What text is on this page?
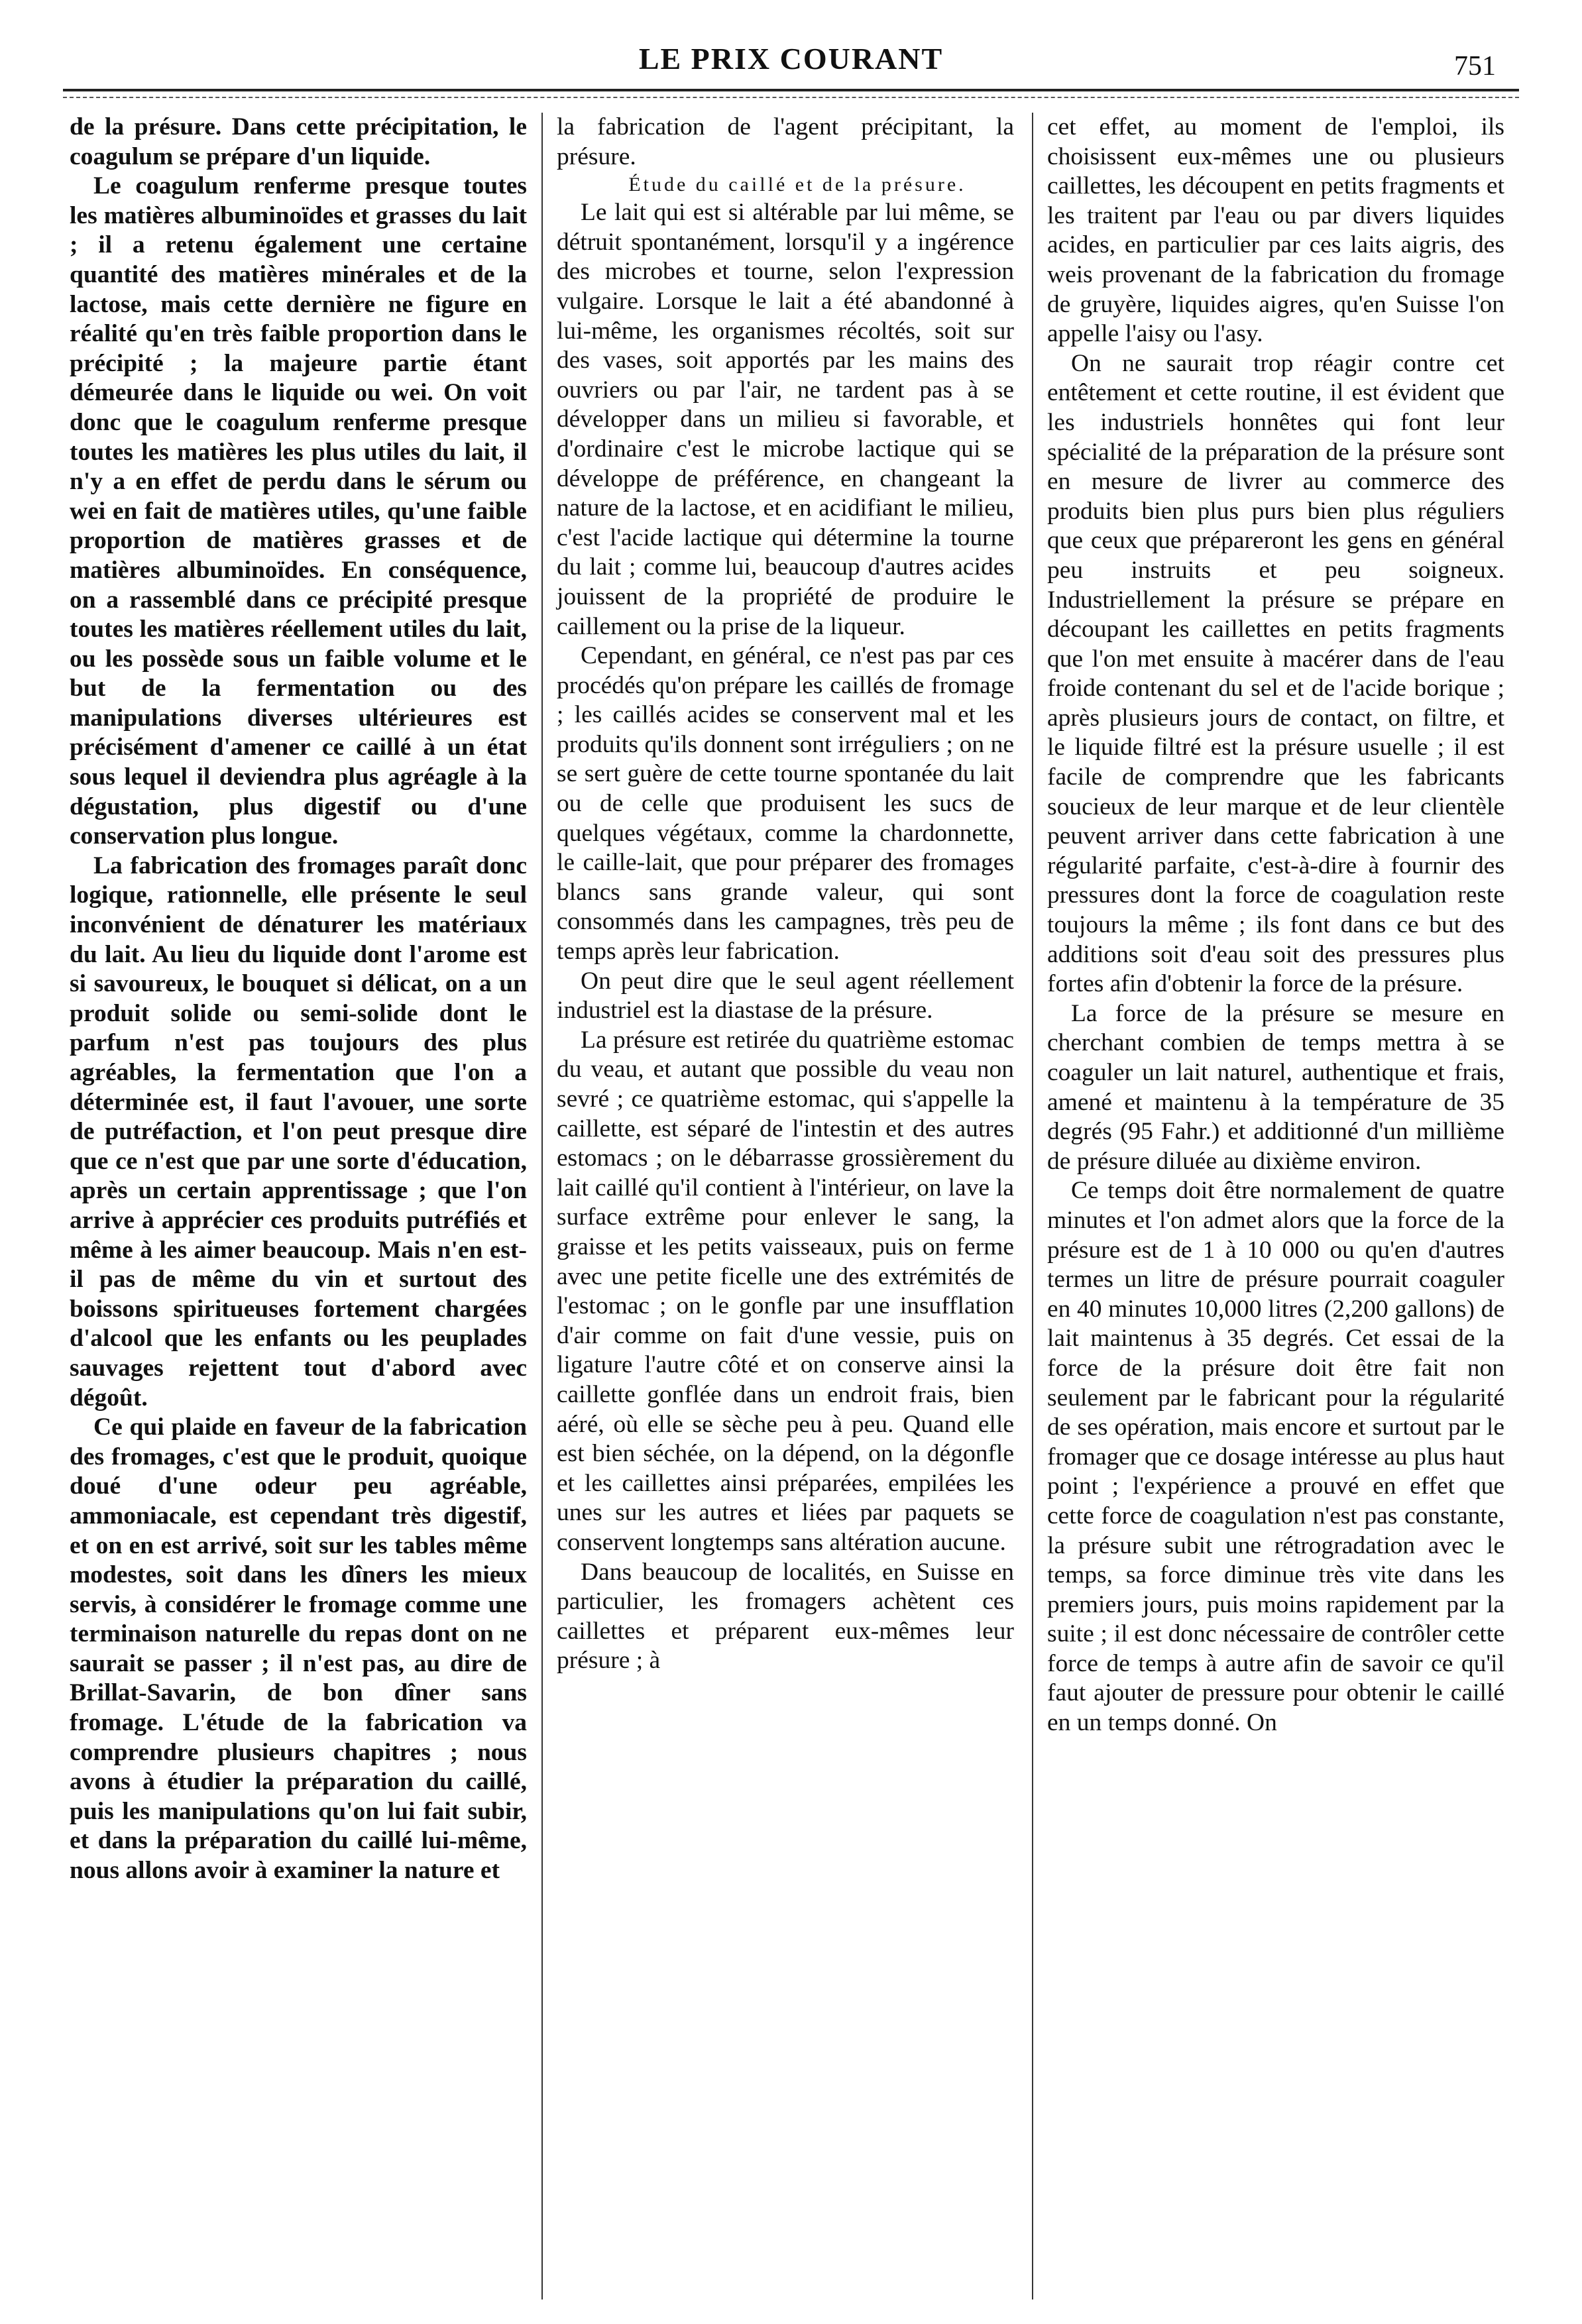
LE PRIX COURANT	751

de la présure. Dans cette précipitation, le coagulum se prépare d'un liquide.

Le coagulum renferme presque toutes les matières albuminoïdes et grasses du lait ; il a retenu également une certaine quantité des matières minérales et de la lactose, mais cette dernière ne figure en réalité qu'en très faible proportion dans le précipité ; la majeure partie étant démeurée dans le liquide ou wei. On voit donc que le coagulum renferme presque toutes les matières les plus utiles du lait, il n'y a en effet de perdu dans le sérum ou wei en fait de matières utiles, qu'une faible proportion de matières grasses et de matières albuminoïdes. En conséquence, on a rassemblé dans ce précipité presque toutes les matières réellement utiles du lait, ou les possède sous un faible volume et le but de la fermentation ou des manipulations diverses ultérieures est précisément d'amener ce caillé à un état sous lequel il deviendra plus agréagle à la dégustation, plus digestif ou d'une conservation plus longue.

La fabrication des fromages paraît donc logique, rationnelle, elle présente le seul inconvénient de dénaturer les matériaux du lait. Au lieu du liquide dont l'arome est si savoureux, le bouquet si délicat, on a un produit solide ou semi-solide dont le parfum n'est pas toujours des plus agréables, la fermentation que l'on a déterminée est, il faut l'avouer, une sorte de putréfaction, et l'on peut presque dire que ce n'est que par une sorte d'éducation, après un certain apprentissage ; que l'on arrive à apprécier ces produits putréfiés et même à les aimer beaucoup. Mais n'en est-il pas de même du vin et surtout des boissons spiritueuses fortement chargées d'alcool que les enfants ou les peuplades sauvages rejettent tout d'abord avec dégoût.

Ce qui plaide en faveur de la fabrication des fromages, c'est que le produit, quoique doué d'une odeur peu agréable, ammoniacale, est cependant très digestif, et on en est arrivé, soit sur les tables même modestes, soit dans les dîners les mieux servis, à considérer le fromage comme une terminaison naturelle du repas dont on ne saurait se passer ; il n'est pas, au dire de Brillat-Savarin, de bon dîner sans fromage. L'étude de la fabrication va comprendre plusieurs chapitres ; nous avons à étudier la préparation du caillé, puis les manipulations qu'on lui fait subir, et dans la préparation du caillé lui-même, nous allons avoir à examiner la nature et

la fabrication de l'agent précipitant, la présure.

Étude du caillé et de la présure.

Le lait qui est si altérable par lui même, se détruit spontanément, lorsqu'il y a ingérence des microbes et tourne, selon l'expression vulgaire. Lorsque le lait a été abandonné à lui-même, les organismes récoltés, soit sur des vases, soit apportés par les mains des ouvriers ou par l'air, ne tardent pas à se développer dans un milieu si favorable, et d'ordinaire c'est le microbe lactique qui se développe de préférence, en changeant la nature de la lactose, et en acidifiant le milieu, c'est l'acide lactique qui détermine la tourne du lait ; comme lui, beaucoup d'autres acides jouissent de la propriété de produire le caillement ou la prise de la liqueur.

Cependant, en général, ce n'est pas par ces procédés qu'on prépare les caillés de fromage ; les caillés acides se conservent mal et les produits qu'ils donnent sont irréguliers ; on ne se sert guère de cette tourne spontanée du lait ou de celle que produisent les sucs de quelques végétaux, comme la chardonnette, le caille-lait, que pour préparer des fromages blancs sans grande valeur, qui sont consommés dans les campagnes, très peu de temps après leur fabrication.

On peut dire que le seul agent réellement industriel est la diastase de la présure.

La présure est retirée du quatrième estomac du veau, et autant que possible du veau non sevré ; ce quatrième estomac, qui s'appelle la caillette, est séparé de l'intestin et des autres estomacs ; on le débarrasse grossièrement du lait caillé qu'il contient à l'intérieur, on lave la surface extrême pour enlever le sang, la graisse et les petits vaisseaux, puis on ferme avec une petite ficelle une des extrémités de l'estomac ; on le gonfle par une insufflation d'air comme on fait d'une vessie, puis on ligature l'autre côté et on conserve ainsi la caillette gonflée dans un endroit frais, bien aéré, où elle se sèche peu à peu. Quand elle est bien séchée, on la dépend, on la dégonfle et les caillettes ainsi préparées, empilées les unes sur les autres et liées par paquets se conservent longtemps sans altération aucune.

Dans beaucoup de localités, en Suisse en particulier, les fromagers achètent ces caillettes et préparent eux-mêmes leur présure ; à

cet effet, au moment de l'emploi, ils choisissent eux-mêmes une ou plusieurs caillettes, les découpent en petits fragments et les traitent par l'eau ou par divers liquides acides, en particulier par ces laits aigris, des weis provenant de la fabrication du fromage de gruyère, liquides aigres, qu'en Suisse l'on appelle l'aisy ou l'asy.

On ne saurait trop réagir contre cet entêtement et cette routine, il est évident que les industriels honnêtes qui font leur spécialité de la préparation de la présure sont en mesure de livrer au commerce des produits bien plus purs bien plus réguliers que ceux que prépareront les gens en général peu instruits et peu soigneux. Industriellement la présure se prépare en découpant les caillettes en petits fragments que l'on met ensuite à macérer dans de l'eau froide contenant du sel et de l'acide borique ; après plusieurs jours de contact, on filtre, et le liquide filtré est la présure usuelle ; il est facile de comprendre que les fabricants soucieux de leur marque et de leur clientèle peuvent arriver dans cette fabrication à une régularité parfaite, c'est-à-dire à fournir des pressures dont la force de coagulation reste toujours la même ; ils font dans ce but des additions soit d'eau soit des pressures plus fortes afin d'obtenir la force de la présure.

La force de la présure se mesure en cherchant combien de temps mettra à se coaguler un lait naturel, authentique et frais, amené et maintenu à la température de 35 degrés (95 Fahr.) et additionné d'un millième de présure diluée au dixième environ.

Ce temps doit être normalement de quatre minutes et l'on admet alors que la force de la présure est de 1 à 10 000 ou qu'en d'autres termes un litre de présure pourrait coaguler en 40 minutes 10,000 litres (2,200 gallons) de lait maintenus à 35 degrés. Cet essai de la force de la présure doit être fait non seulement par le fabricant pour la régularité de ses opération, mais encore et surtout par le fromager que ce dosage intéresse au plus haut point ; l'expérience a prouvé en effet que cette force de coagulation n'est pas constante, la présure subit une rétrogradation avec le temps, sa force diminue très vite dans les premiers jours, puis moins rapidement par la suite ; il est donc nécessaire de contrôler cette force de temps à autre afin de savoir ce qu'il faut ajouter de pressure pour obtenir le caillé en un temps donné. On
